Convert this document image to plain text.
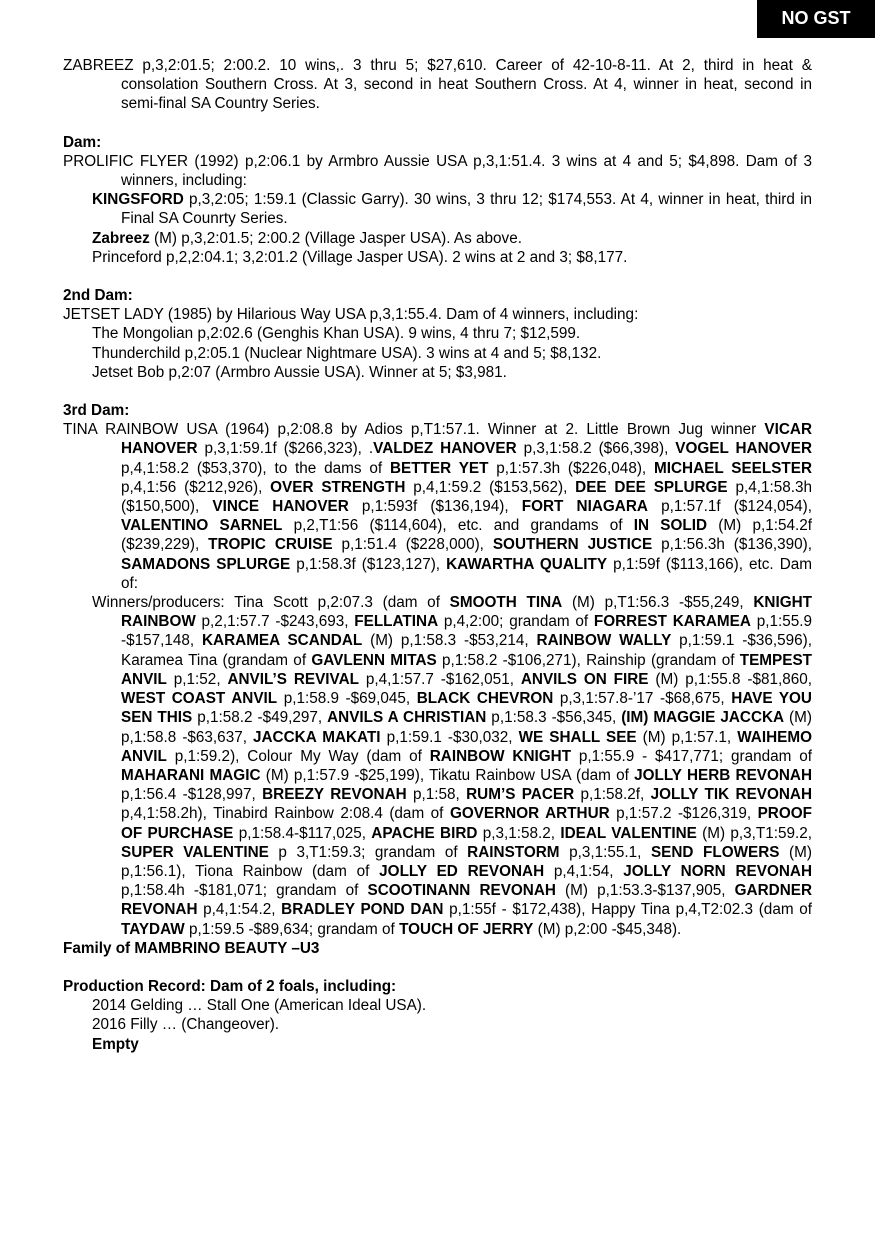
NO GST

ZABREEZ p,3,2:01.5; 2:00.2. 10 wins,. 3 thru 5; $27,610. Career of 42-10-8-11. At 2, third in heat & consolation Southern Cross. At 3, second in heat Southern Cross. At 4, winner in heat, second in semi-final SA Country Series.

Dam:

PROLIFIC FLYER (1992) p,2:06.1 by Armbro Aussie USA p,3,1:51.4. 3 wins at 4 and 5; $4,898. Dam of 3 winners, including:

KINGSFORD p,3,2:05; 1:59.1 (Classic Garry). 30 wins, 3 thru 12; $174,553. At 4, winner in heat, third in Final SA Counrty Series.

Zabreez (M) p,3,2:01.5; 2:00.2 (Village Jasper USA). As above.

Princeford p,2,2:04.1; 3,2:01.2 (Village Jasper USA). 2 wins at 2 and 3; $8,177.

2nd Dam:

JETSET LADY (1985) by Hilarious Way USA p,3,1:55.4. Dam of 4 winners, including:

The Mongolian p,2:02.6 (Genghis Khan USA). 9 wins, 4 thru 7; $12,599.

Thunderchild p,2:05.1 (Nuclear Nightmare USA). 3 wins at 4 and 5; $8,132.

Jetset Bob p,2:07 (Armbro Aussie USA). Winner at 5; $3,981.

3rd Dam:

TINA RAINBOW USA (1964) p,2:08.8 by Adios p,T1:57.1. Winner at 2. Little Brown Jug winner VICAR HANOVER p,3,1:59.1f ($266,323), .VALDEZ HANOVER p,3,1:58.2 ($66,398), VOGEL HANOVER p,4,1:58.2 ($53,370), to the dams of BETTER YET p,1:57.3h ($226,048), MICHAEL SEELSTER p,4,1:56 ($212,926), OVER STRENGTH p,4,1:59.2 ($153,562), DEE DEE SPLURGE p,4,1:58.3h ($150,500), VINCE HANOVER p,1:593f ($136,194), FORT NIAGARA p,1:57.1f ($124,054), VALENTINO SARNEL p,2,T1:56 ($114,604), etc. and grandams of IN SOLID (M) p,1:54.2f ($239,229), TROPIC CRUISE p,1:51.4 ($228,000), SOUTHERN JUSTICE p,1:56.3h ($136,390), SAMADONS SPLURGE p,1:58.3f ($123,127), KAWARTHA QUALITY p,1:59f ($113,166), etc. Dam of:

Winners/producers: Tina Scott p,2:07.3 (dam of SMOOTH TINA (M) p,T1:56.3 -$55,249, KNIGHT RAINBOW p,2,1:57.7 -$243,693, FELLATINA p,4,2:00; grandam of FORREST KARAMEA p,1:55.9 -$157,148, KARAMEA SCANDAL (M) p,1:58.3 -$53,214, RAINBOW WALLY p,1:59.1 -$36,596), Karamea Tina (grandam of GAVLENN MITAS p,1:58.2 -$106,271), Rainship (grandam of TEMPEST ANVIL p,1:52, ANVIL’S REVIVAL p,4,1:57.7 -$162,051, ANVILS ON FIRE (M) p,1:55.8 -$81,860, WEST COAST ANVIL p,1:58.9 -$69,045, BLACK CHEVRON p,3,1:57.8-’17 -$68,675, HAVE YOU SEN THIS p,1:58.2 -$49,297, ANVILS A CHRISTIAN p,1:58.3 -$56,345, (IM) MAGGIE JACCKA (M) p,1:58.8 -$63,637, JACCKA MAKATI p,1:59.1 -$30,032, WE SHALL SEE (M) p,1:57.1, WAIHEMO ANVIL p,1:59.2), Colour My Way (dam of RAINBOW KNIGHT p,1:55.9 - $417,771; grandam of MAHARANI MAGIC (M) p,1:57.9 -$25,199), Tikatu Rainbow USA (dam of JOLLY HERB REVONAH p,1:56.4 -$128,997, BREEZY REVONAH p,1:58, RUM’S PACER p,1:58.2f, JOLLY TIK REVONAH p,4,1:58.2h), Tinabird Rainbow 2:08.4 (dam of GOVERNOR ARTHUR p,1:57.2 -$126,319, PROOF OF PURCHASE p,1:58.4-$117,025, APACHE BIRD p,3,1:58.2, IDEAL VALENTINE (M) p,3,T1:59.2, SUPER VALENTINE p 3,T1:59.3; grandam of RAINSTORM p,3,1:55.1, SEND FLOWERS (M) p,1:56.1), Tiona Rainbow (dam of JOLLY ED REVONAH p,4,1:54, JOLLY NORN REVONAH p,1:58.4h -$181,071; grandam of SCOOTINANN REVONAH (M) p,1:53.3-$137,905, GARDNER REVONAH p,4,1:54.2, BRADLEY POND DAN p,1:55f - $172,438), Happy Tina p,4,T2:02.3 (dam of TAYDAW p,1:59.5 -$89,634; grandam of TOUCH OF JERRY (M) p,2:00 -$45,348).

Family of MAMBRINO BEAUTY –U3

Production Record: Dam of 2 foals, including:

2014 Gelding … Stall One (American Ideal USA).

2016 Filly … (Changeover).

Empty
